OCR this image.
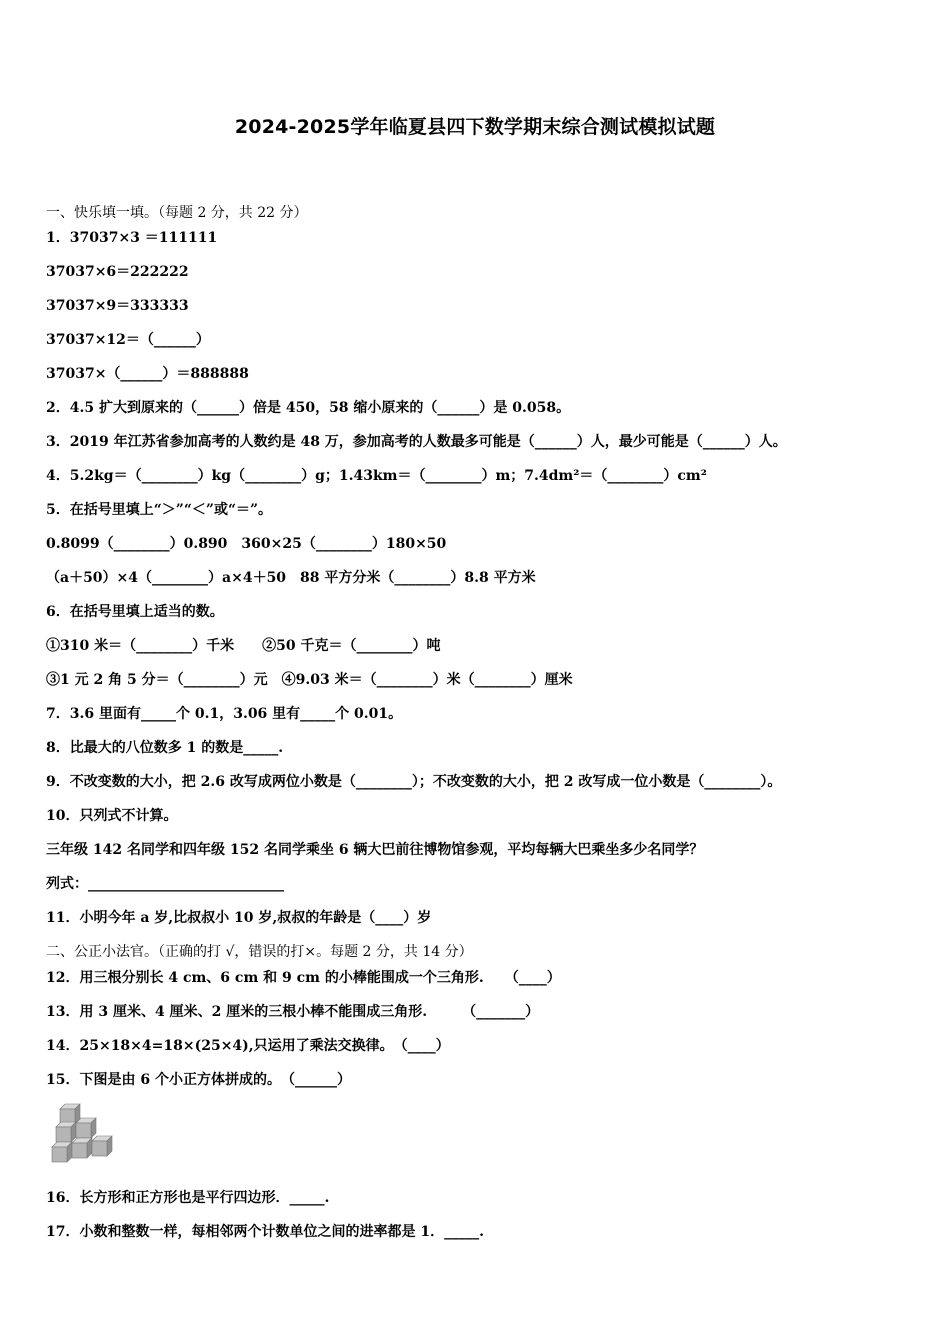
2024-2025学年临夏县四下数学期末综合测试模拟试题
一、快乐填一填。（每题 2 分，共 22 分）
1．37037×3 ＝111111
37037×6＝222222
37037×9＝333333
37037×12＝（______）
37037×（______）＝888888
2．4.5 扩大到原来的（______）倍是 450，58 缩小原来的（______）是 0.058。
3．2019 年江苏省参加高考的人数约是 48 万，参加高考的人数最多可能是（______）人，最少可能是（______）人。
4．5.2kg＝（________）kg（________）g；1.43km＝（________）m；7.4dm²＝（________）cm²
5．在括号里填上“＞”“＜”或“＝”。
0.8099（________）0.890　360×25（________）180×50
（a＋50）×4（________）a×4＋50　88 平方分米（________）8.8 平方米
6．在括号里填上适当的数。
①310 米＝（________）千米　　②50 千克＝（________）吨
③1 元 2 角 5 分＝（________）元　④9.03 米＝（________）米（________）厘米
7．3.6 里面有_____个 0.1，3.06 里有_____个 0.01。
8．比最大的八位数多 1 的数是_____.
9．不改变数的大小，把 2.6 改写成两位小数是（________）；不改变数的大小，把 2 改写成一位小数是（________）。
10．只列式不计算。
三年级 142 名同学和四年级 152 名同学乘坐 6 辆大巴前往博物馆参观，平均每辆大巴乘坐多少名同学？
列式：____________________________
11．小明今年 a 岁,比叔叔小 10 岁,叔叔的年龄是（____）岁
二、公正小法官。（正确的打 √，错误的打×。每题 2 分，共 14 分）
12．用三根分别长 4 cm、6 cm 和 9 cm 的小棒能围成一个三角形.　　（____）
13．用 3 厘米、4 厘米、2 厘米的三根小棒不能围成三角形.　　　（_______）
14．25×18×4=18×(25×4),只运用了乘法交换律。　（____）
15．下图是由 6 个小正方体拼成的。　（______）
16．长方形和正方形也是平行四边形．_____.
17．小数和整数一样，每相邻两个计数单位之间的进率都是 1．_____.
